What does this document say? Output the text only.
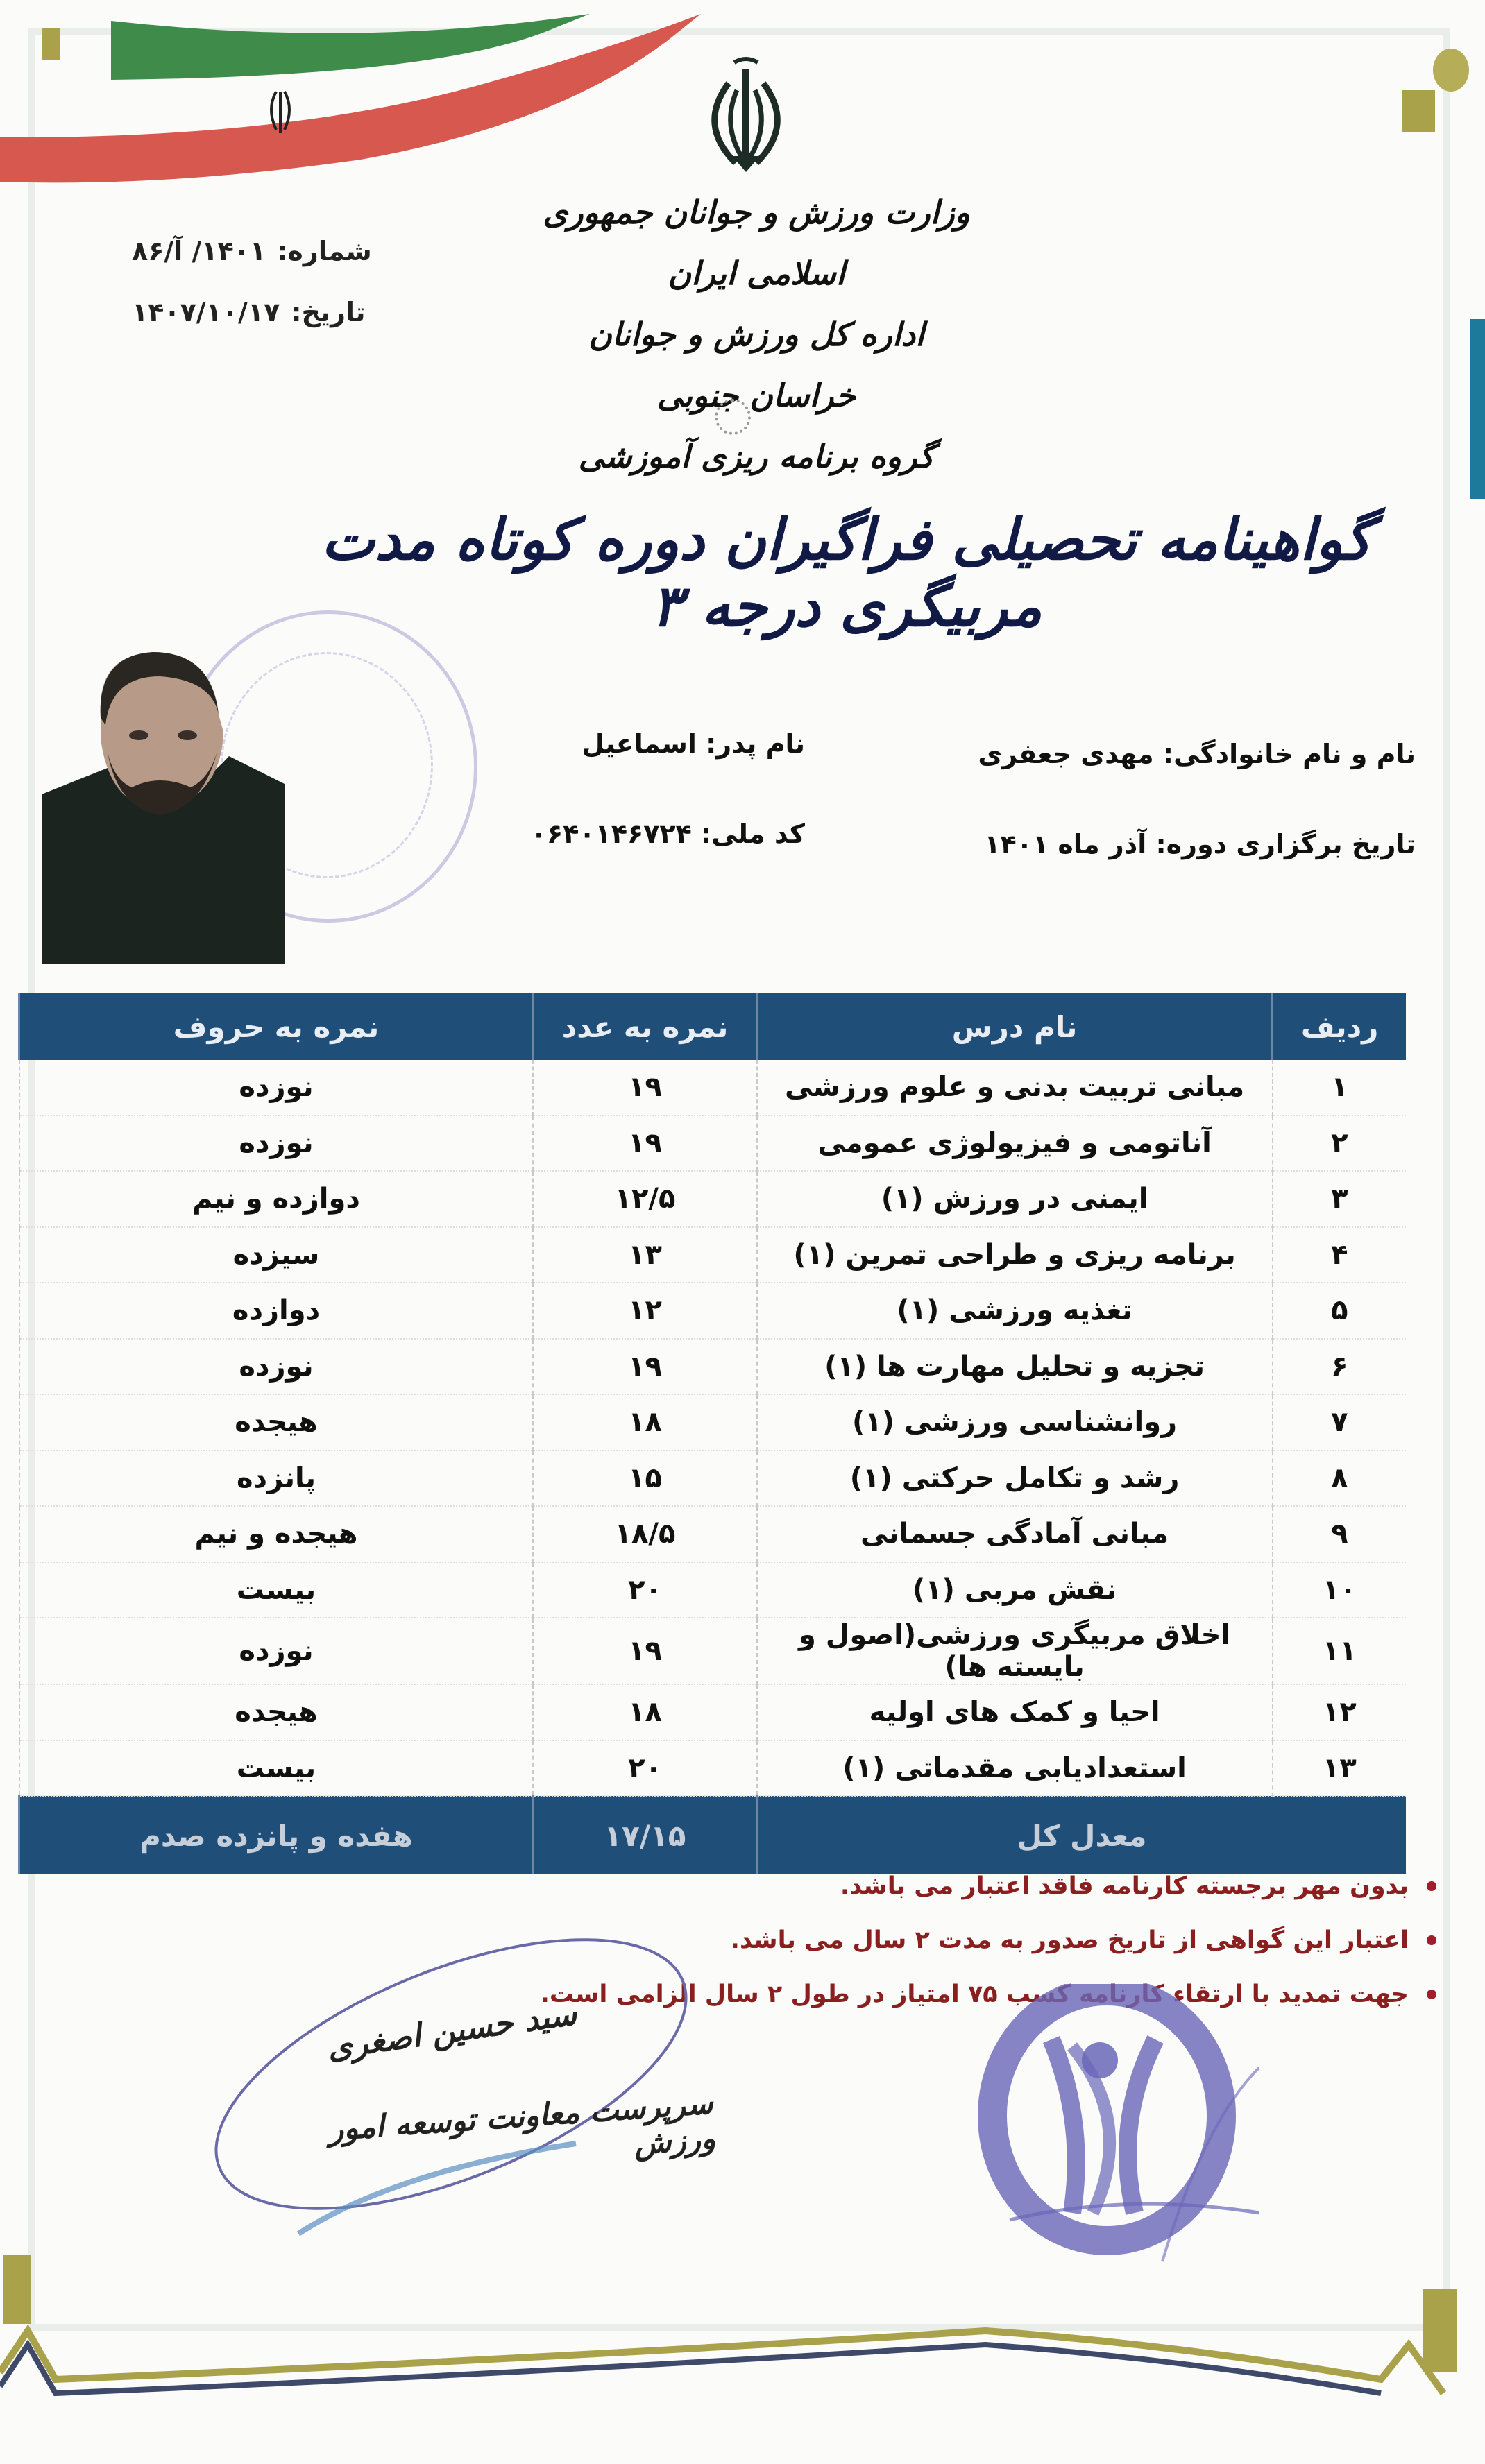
وزارت ورزش و جوانان جمهوری اسلامی ایران
اداره کل ورزش و جوانان خراسان جنوبی
گروه برنامه ریزی آموزشی
شماره:
۱۴۰۱/ آ/۸۶
تاریخ:
۱۴۰۷/۱۰/۱۷
گواهینامه تحصیلی فراگیران دوره کوتاه مدت مربیگری درجه ۳
نام و نام خانوادگی: مهدی جعفری
نام پدر: اسماعیل
تاریخ برگزاری دوره: آذر ماه ۱۴۰۱
کد ملی: ۰۶۴۰۱۴۶۷۲۴
ردیف	نام درس	نمره به عدد	نمره به حروف
۱	مبانی تربیت بدنی و علوم ورزشی	۱۹	نوزده
۲	آناتومی و فیزیولوژی عمومی	۱۹	نوزده
۳	ایمنی در ورزش (۱)	۱۲/۵	دوازده و نیم
۴	برنامه ریزی و طراحی تمرین (۱)	۱۳	سیزده
۵	تغذیه ورزشی (۱)	۱۲	دوازده
۶	تجزیه و تحلیل مهارت ها (۱)	۱۹	نوزده
۷	روانشناسی ورزشی (۱)	۱۸	هیجده
۸	رشد و تکامل حرکتی (۱)	۱۵	پانزده
۹	مبانی آمادگی جسمانی	۱۸/۵	هیجده و نیم
۱۰	نقش مربی (۱)	۲۰	بیست
۱۱	اخلاق مربیگری ورزشی(اصول و بایسته ها)	۱۹	نوزده
۱۲	احیا و کمک های اولیه	۱۸	هیجده
۱۳	استعدادیابی مقدماتی (۱)	۲۰	بیست
معدل کل		۱۷/۱۵	هفده و پانزده صدم
بدون مهر برجسته کارنامه فاقد اعتبار می باشد.
اعتبار این گواهی از تاریخ صدور به مدت ۲ سال می باشد.
جهت تمدید با ارتقاء کارنامه کسب ۷۵ امتیاز در طول ۲ سال الزامی است.
سید حسین اصغری
سرپرست معاونت توسعه امور ورزش
